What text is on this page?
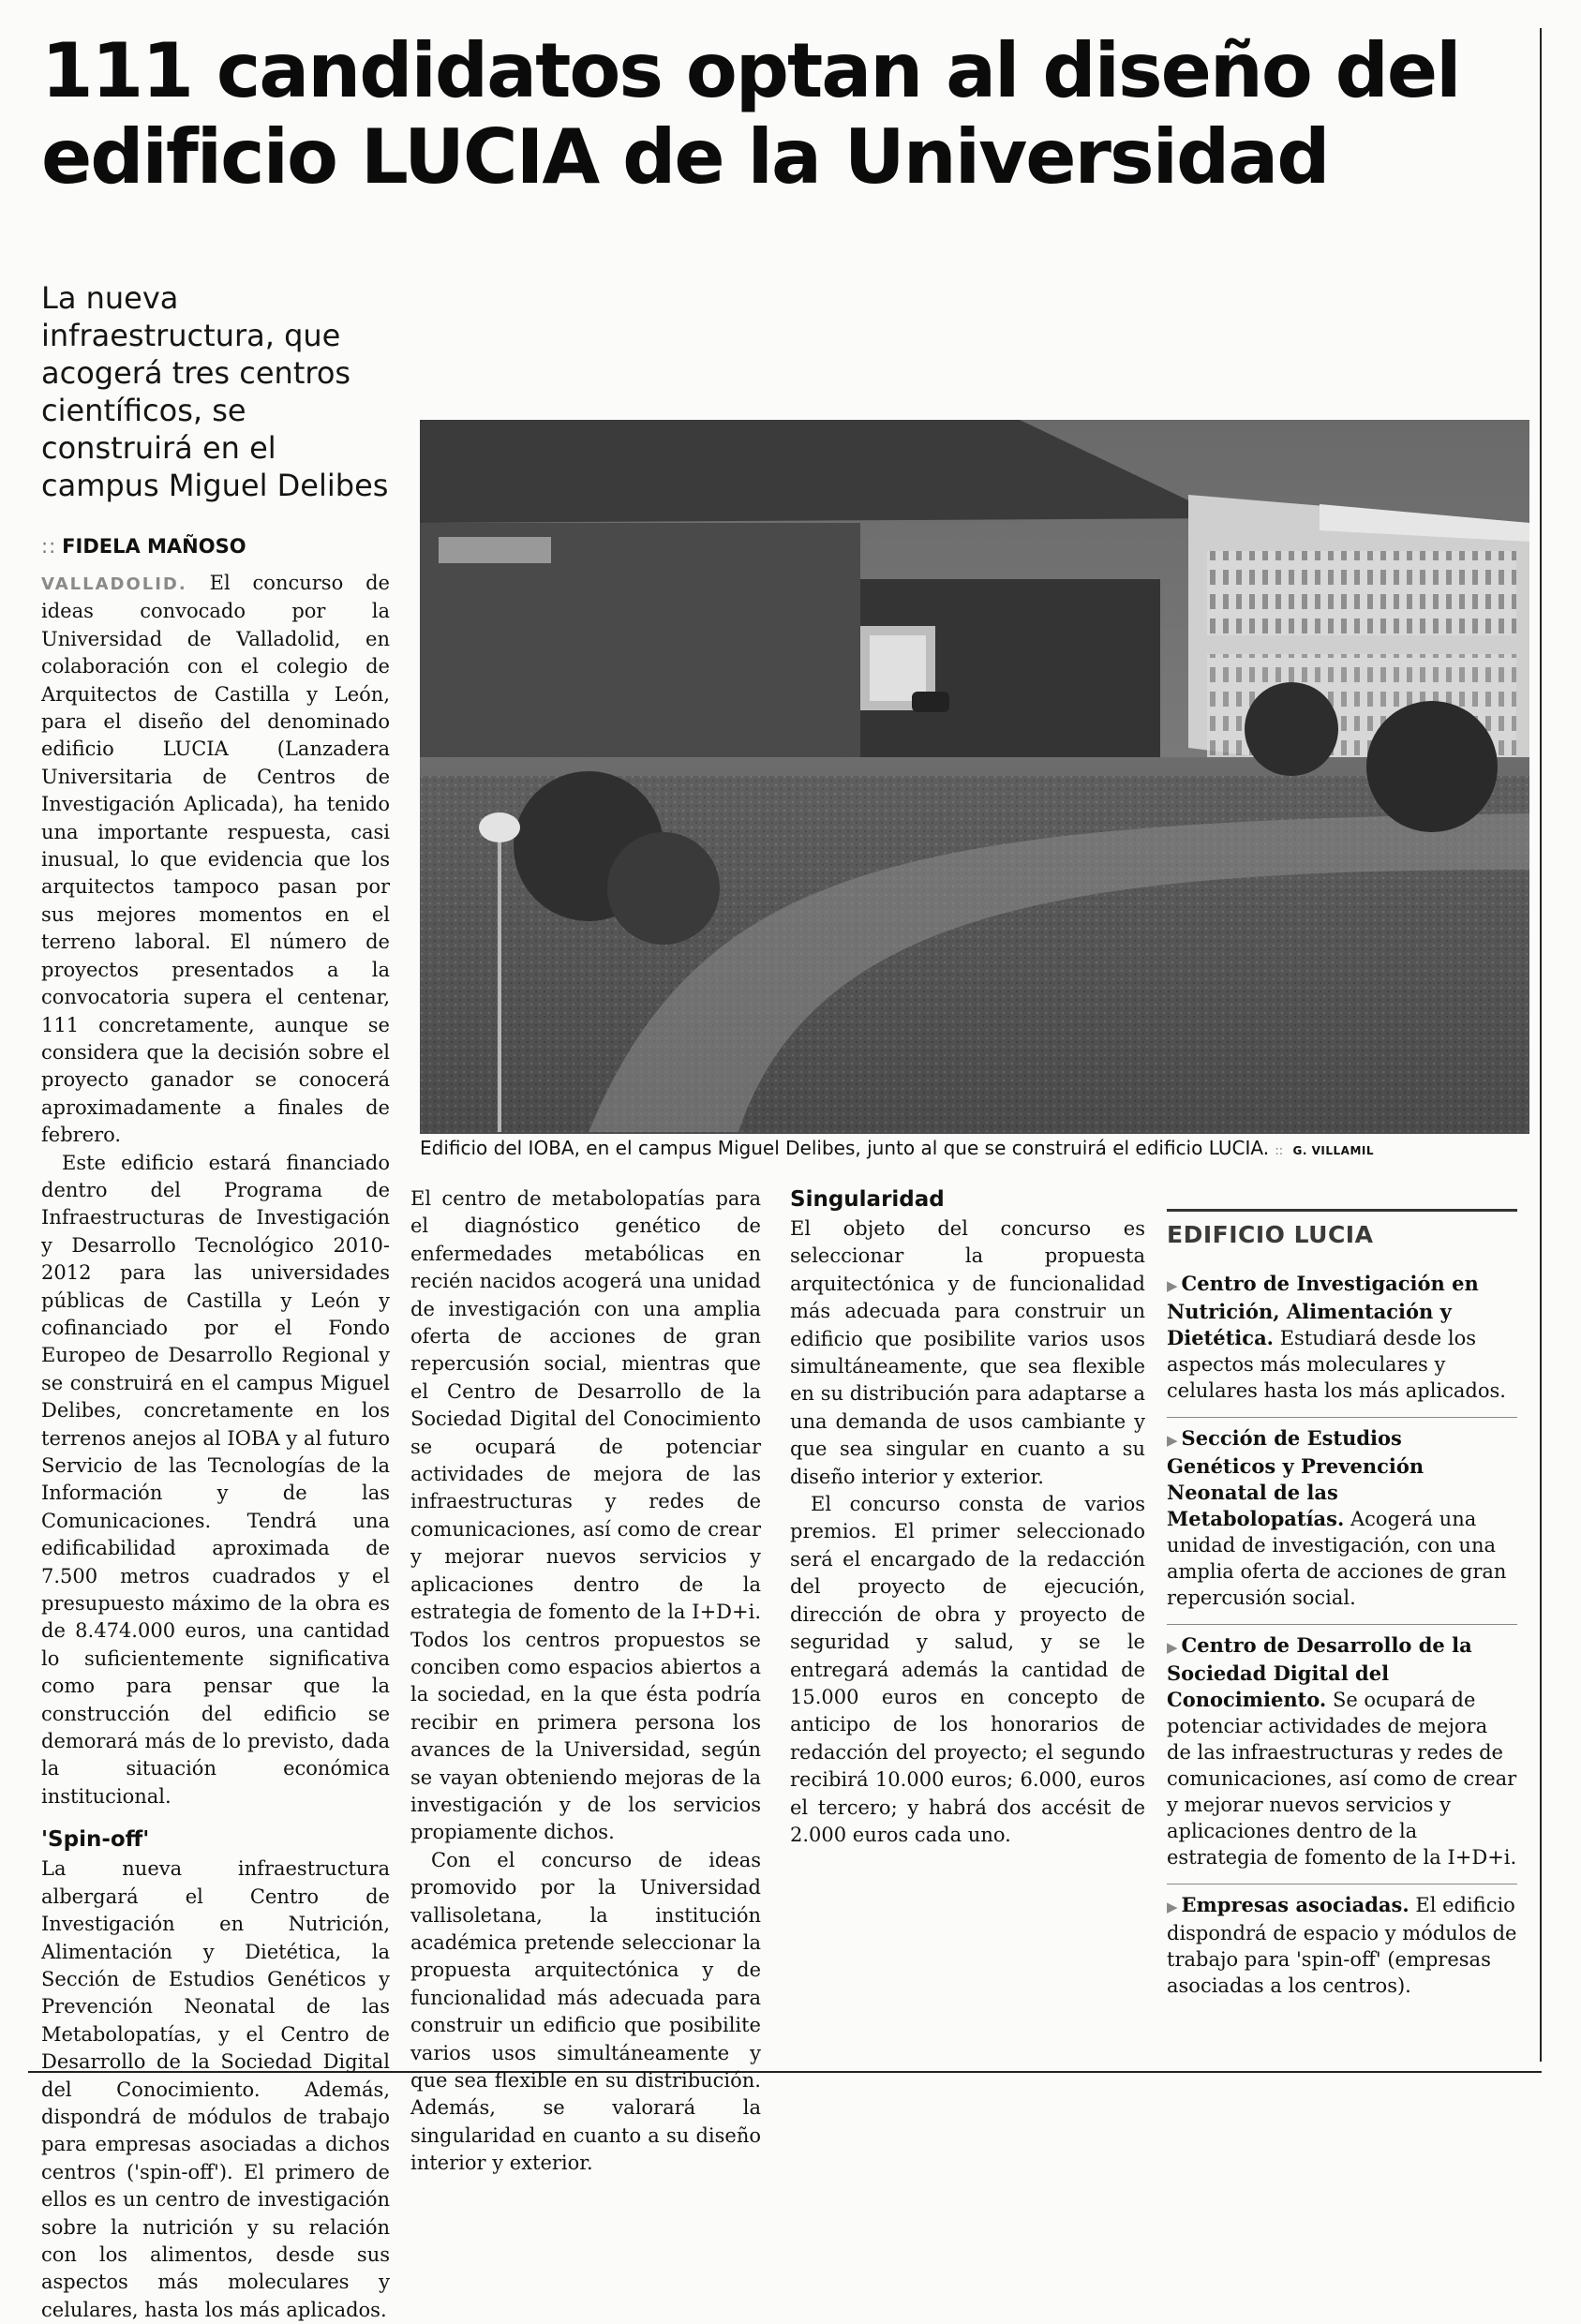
111 candidatos optan al diseño del
edificio LUCIA de la Universidad
La nueva
infraestructura, que
acogerá tres centros
científicos, se
construirá en el
campus Miguel Delibes
:: FIDELA MAÑOSO
Edificio del IOBA, en el campus Miguel Delibes, junto al que se construirá el edificio LUCIA. :: G. VILLAMIL

VALLADOLID. El concurso de ideas convocado por la Universidad de Valladolid, en colaboración con el colegio de Arquitectos de Castilla y León, para el diseño del denominado edificio LUCIA (Lanzadera Universitaria de Centros de Investigación Aplicada), ha tenido una importante respuesta, casi inusual, lo que evidencia que los arquitectos tampoco pasan por sus mejores momentos en el terreno laboral. El número de proyectos presentados a la convocatoria supera el centenar, 111 concretamente, aunque se considera que la decisión sobre el proyecto ganador se conocerá aproximadamente a finales de febrero.

Este edificio estará financiado dentro del Programa de Infraestructuras de Investigación y Desarrollo Tecnológico 2010-2012 para las universidades públicas de Castilla y León y cofinanciado por el Fondo Europeo de Desarrollo Regional y se construirá en el campus Miguel Delibes, concretamente en los terrenos anejos al IOBA y al futuro Servicio de las Tecnologías de la Información y de las Comunicaciones. Tendrá una edificabilidad aproximada de 7.500 metros cuadrados y el presupuesto máximo de la obra es de 8.474.000 euros, una cantidad lo suficientemente significativa como para pensar que la construcción del edificio se demorará más de lo previsto, dada la situación económica institucional.

'Spin-off'

La nueva infraestructura albergará el Centro de Investigación en Nutrición, Alimentación y Dietética, la Sección de Estudios Genéticos y Prevención Neonatal de las Metabolopatías, y el Centro de Desarrollo de la Sociedad Digital del Conocimiento. Además, dispondrá de módulos de trabajo para empresas asociadas a dichos centros ('spin-off'). El primero de ellos es un centro de investigación sobre la nutrición y su relación con los alimentos, desde sus aspectos más moleculares y celulares, hasta los más aplicados.

El centro de metabolopatías para el diagnóstico genético de enfermedades metabólicas en recién nacidos acogerá una unidad de investigación con una amplia oferta de acciones de gran repercusión social, mientras que el Centro de Desarrollo de la Sociedad Digital del Conocimiento se ocupará de potenciar actividades de mejora de las infraestructuras y redes de comunicaciones, así como de crear y mejorar nuevos servicios y aplicaciones dentro de la estrategia de fomento de la I+D+i. Todos los centros propuestos se conciben como espacios abiertos a la sociedad, en la que ésta podría recibir en primera persona los avances de la Universidad, según se vayan obteniendo mejoras de la investigación y de los servicios propiamente dichos.

Con el concurso de ideas promovido por la Universidad vallisoletana, la institución académica pretende seleccionar la propuesta arquitectónica y de funcionalidad más adecuada para construir un edificio que posibilite varios usos simultáneamente y que sea flexible en su distribución. Además, se valorará la singularidad en cuanto a su diseño interior y exterior.

Singularidad

El objeto del concurso es seleccionar la propuesta arquitectónica y de funcionalidad más adecuada para construir un edificio que posibilite varios usos simultáneamente, que sea flexible en su distribución para adaptarse a una demanda de usos cambiante y que sea singular en cuanto a su diseño interior y exterior.

El concurso consta de varios premios. El primer seleccionado será el encargado de la redacción del proyecto de ejecución, dirección de obra y proyecto de seguridad y salud, y se le entregará además la cantidad de 15.000 euros en concepto de anticipo de los honorarios de redacción del proyecto; el segundo recibirá 10.000 euros; 6.000, euros el tercero; y habrá dos accésit de 2.000 euros cada uno.

EDIFICIO LUCIA
▶ Centro de Investigación en Nutrición, Alimentación y Dietética. Estudiará desde los aspectos más moleculares y celulares hasta los más aplicados.
▶ Sección de Estudios Genéticos y Prevención Neonatal de las Metabolopatías. Acogerá una unidad de investigación, con una amplia oferta de acciones de gran repercusión social.
▶ Centro de Desarrollo de la Sociedad Digital del Conocimiento. Se ocupará de potenciar actividades de mejora de las infraestructuras y redes de comunicaciones, así como de crear y mejorar nuevos servicios y aplicaciones dentro de la estrategia de fomento de la I+D+i.
▶ Empresas asociadas. El edificio dispondrá de espacio y módulos de trabajo para 'spin-off' (empresas asociadas a los centros).
